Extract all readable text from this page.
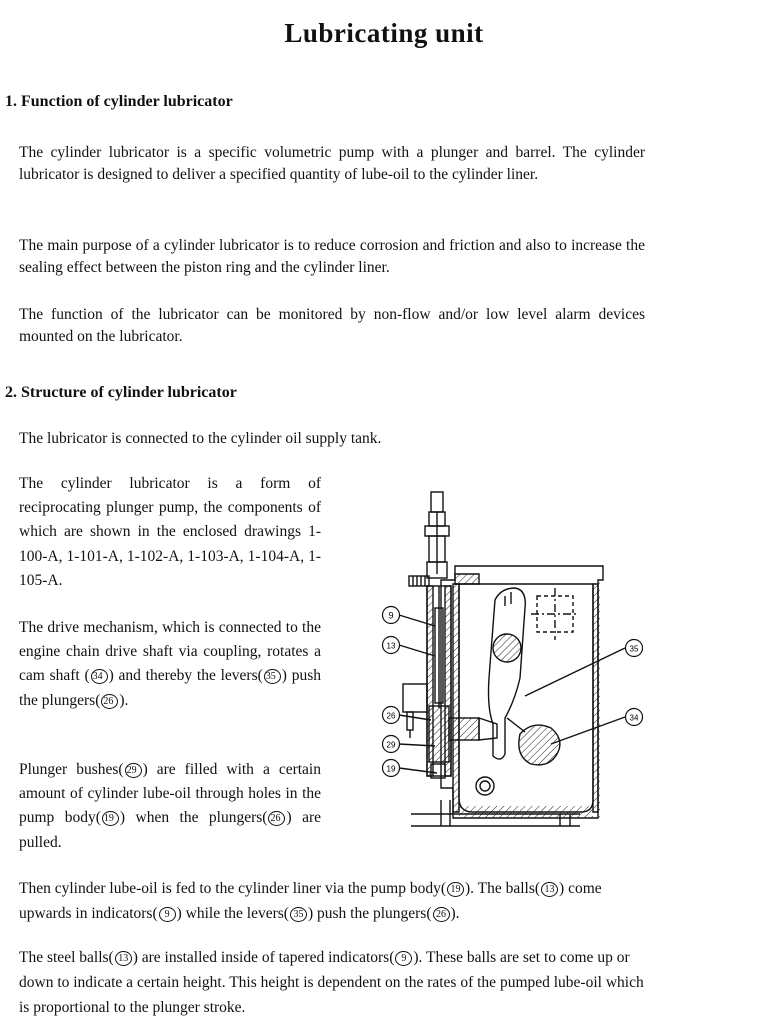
Lubricating unit
1. Function of cylinder lubricator
The cylinder lubricator is a specific volumetric pump with a plunger and barrel. The cylinder lubricator is designed to deliver a specified quantity of lube-oil to the cylinder liner.
The main purpose of a cylinder lubricator is to reduce corrosion and friction and also to increase the sealing effect between the piston ring and the cylinder liner.
The function of the lubricator can be monitored by non-flow and/or low level alarm devices mounted on the lubricator.
2. Structure of cylinder lubricator
The lubricator is connected to the cylinder oil supply tank.
The cylinder lubricator is a form of reciprocating plunger pump, the components of which are shown in the enclosed drawings 1-100-A, 1-101-A, 1-102-A, 1-103-A, 1-104-A, 1-105-A.
The drive mechanism, which is connected to the engine chain drive shaft via coupling, rotates a cam shaft ( 34 ) and thereby the levers( 35 ) push the plungers( 26 ).
Plunger bushes( 29 ) are filled with a certain amount of cylinder lube-oil through holes in the pump body( 19 ) when the plungers( 26 ) are pulled.
Then cylinder lube-oil is fed to the cylinder liner via the pump body( 19 ). The balls( 13 ) come upwards in indicators( 9 ) while the levers( 35 ) push the plungers( 26 ).
The steel balls( 13 ) are installed inside of tapered indicators( 9 ). These balls are set to come up or down to indicate a certain height. This height is dependent on the rates of the pumped lube-oil which is proportional to the plunger stroke.
9
13
26
29
19
35
34
